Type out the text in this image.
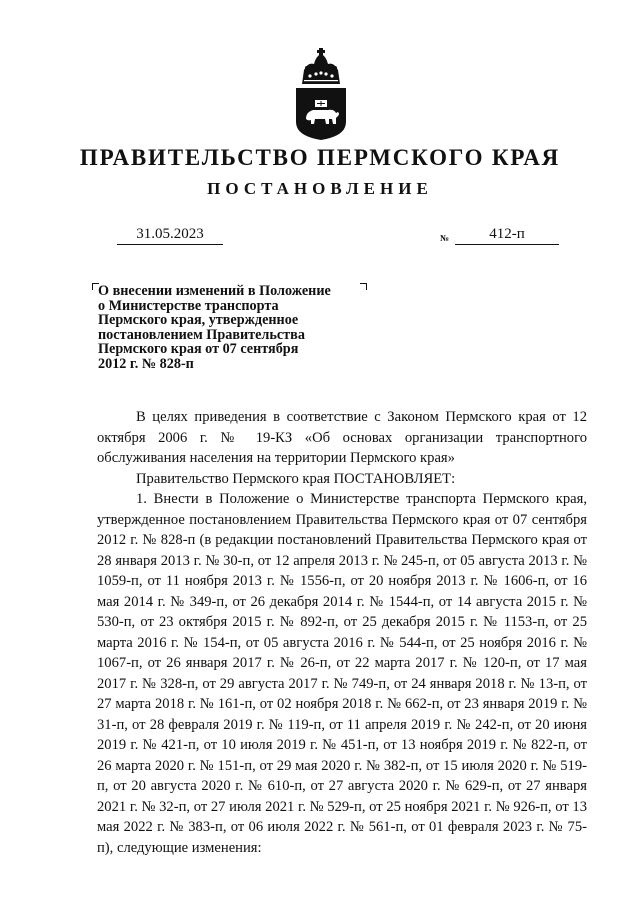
ПРАВИТЕЛЬСТВО ПЕРМСКОГО КРАЯ
ПОСТАНОВЛЕНИЕ
31.05.2023	№	412-п
О внесении изменений в Положение
о Министерстве транспорта
Пермского края, утвержденное
постановлением Правительства
Пермского края от 07 сентября
2012 г. № 828-п

В целях приведения в соответствие с Законом Пермского края от 12 октября 2006 г. № 19-КЗ «Об основах организации транспортного обслуживания населения на территории Пермского края»

Правительство Пермского края ПОСТАНОВЛЯЕТ:

1. Внести в Положение о Министерстве транспорта Пермского края, утвержденное постановлением Правительства Пермского края от 07 сентября 2012 г. № 828-п (в редакции постановлений Правительства Пермского края от 28 января 2013 г. № 30-п, от 12 апреля 2013 г. № 245-п, от 05 августа 2013 г. № 1059-п, от 11 ноября 2013 г. № 1556-п, от 20 ноября 2013 г. № 1606-п, от 16 мая 2014 г. № 349-п, от 26 декабря 2014 г. № 1544-п, от 14 августа 2015 г. № 530-п, от 23 октября 2015 г. № 892-п, от 25 декабря 2015 г. № 1153-п, от 25 марта 2016 г. № 154-п, от 05 августа 2016 г. № 544-п, от 25 ноября 2016 г. № 1067-п, от 26 января 2017 г. № 26-п, от 22 марта 2017 г. № 120-п, от 17 мая 2017 г. № 328-п, от 29 августа 2017 г. № 749-п, от 24 января 2018 г. № 13-п, от 27 марта 2018 г. № 161-п, от 02 ноября 2018 г. № 662-п, от 23 января 2019 г. № 31-п, от 28 февраля 2019 г. № 119-п, от 11 апреля 2019 г. № 242-п, от 20 июня 2019 г. № 421-п, от 10 июля 2019 г. № 451-п, от 13 ноября 2019 г. № 822-п, от 26 марта 2020 г. № 151-п, от 29 мая 2020 г. № 382-п, от 15 июля 2020 г. № 519-п, от 20 августа 2020 г. № 610-п, от 27 августа 2020 г. № 629-п, от 27 января 2021 г. № 32-п, от 27 июля 2021 г. № 529-п, от 25 ноября 2021 г. № 926-п, от 13 мая 2022 г. № 383-п, от 06 июля 2022 г. № 561-п, от 01 февраля 2023 г. № 75-п), следующие изменения:
